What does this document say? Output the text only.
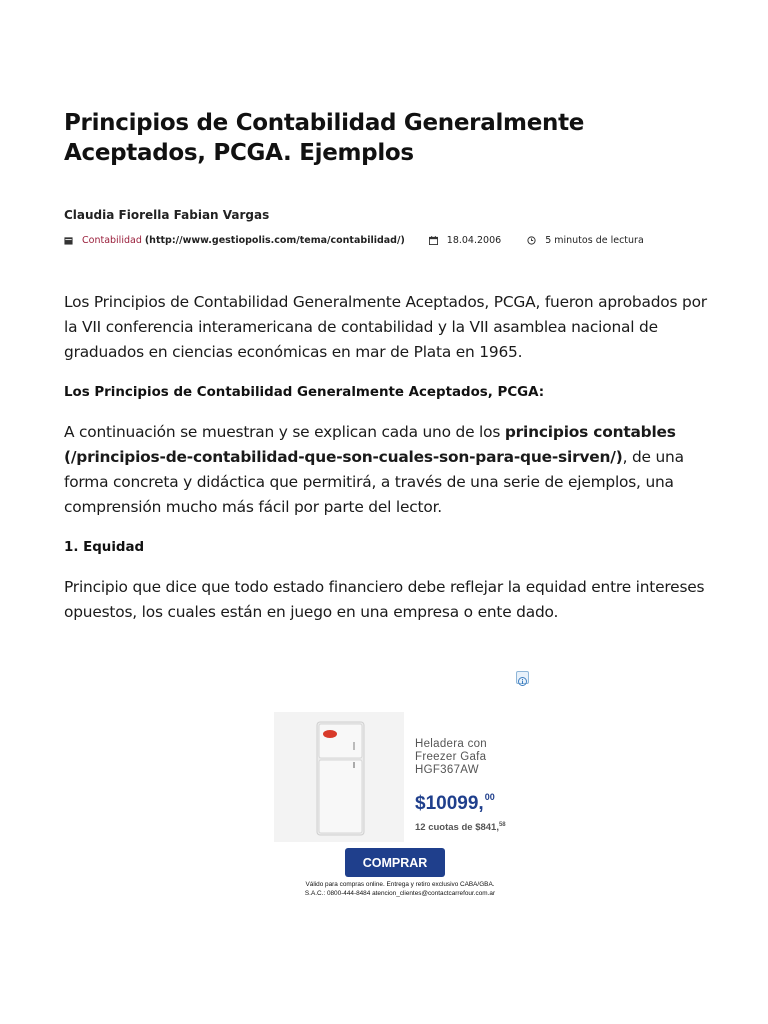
Principios de Contabilidad Generalmente Aceptados, PCGA. Ejemplos
Claudia Fiorella Fabian Vargas
Contabilidad (http://www.gestiopolis.com/tema/contabilidad/)	18.04.2006	5 minutos de lectura

Los Principios de Contabilidad Generalmente Aceptados, PCGA, fueron aprobados por la VII conferencia interamericana de contabilidad y la VII asamblea nacional de graduados en ciencias económicas en mar de Plata en 1965.

Los Principios de Contabilidad Generalmente Aceptados, PCGA:

A continuación se muestran y se explican cada uno de los principios contables (/principios-de-contabilidad-que-son-cuales-son-para-que-sirven/), de una forma concreta y didáctica que permitirá, a través de una serie de ejemplos, una comprensión mucho más fácil por parte del lector.

1. Equidad

Principio que dice que todo estado financiero debe reflejar la equidad entre intereses opuestos, los cuales están en juego en una empresa o ente dado.

Heladera con Freezer Gafa HGF367AW
$10099,00
12 cuotas de $841,58
COMPRAR
Válido para compras online. Entrega y retiro exclusivo CABA/GBA.
S.A.C.: 0800-444-8484 atencion_clientes@contactcarrefour.com.ar
